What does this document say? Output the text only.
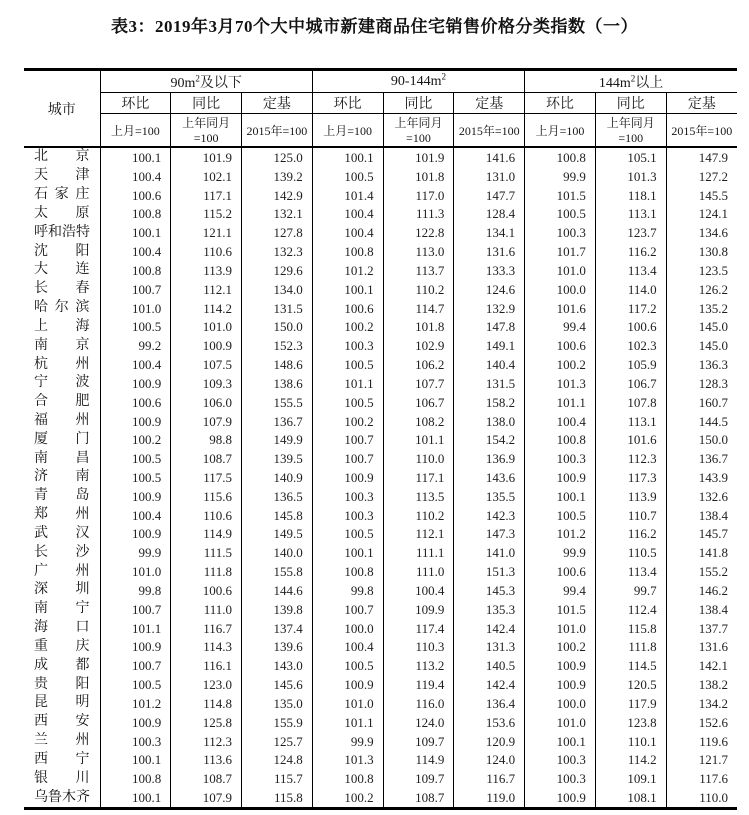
表3：2019年3月70个大中城市新建商品住宅销售价格分类指数（一）
城市	$90m^2$及以下			$90-144m^2$			$144m^2$以上		
	环比	同比	定基	环比	同比	定基	环比	同比	定基
	上月=100	上年同月=100	2015年=100	上月=100	上年同月=100	2015年=100	上月=100	上年同月=100	2015年=100

北京	100.1	101.9	125.0	100.1	101.9	141.6	100.8	105.1	147.9

天津	100.4	102.1	139.2	100.5	101.8	131.0	99.9	101.3	127.2

石家庄	100.6	117.1	142.9	101.4	117.0	147.7	101.5	118.1	145.5

太原	100.8	115.2	132.1	100.4	111.3	128.4	100.5	113.1	124.1

呼和浩特	100.1	121.1	127.8	100.4	122.8	134.1	100.3	123.7	134.6

沈阳	100.4	110.6	132.3	100.8	113.0	131.6	101.7	116.2	130.8

大连	100.8	113.9	129.6	101.2	113.7	133.3	101.0	113.4	123.5

长春	100.7	112.1	134.0	100.1	110.2	124.6	100.0	114.0	126.2

哈尔滨	101.0	114.2	131.5	100.6	114.7	132.9	101.6	117.2	135.2

上海	100.5	101.0	150.0	100.2	101.8	147.8	99.4	100.6	145.0

南京	99.2	100.9	152.3	100.3	102.9	149.1	100.6	102.3	145.0

杭州	100.4	107.5	148.6	100.5	106.2	140.4	100.2	105.9	136.3

宁波	100.9	109.3	138.6	101.1	107.7	131.5	101.3	106.7	128.3

合肥	100.6	106.0	155.5	100.5	106.7	158.2	101.1	107.8	160.7

福州	100.9	107.9	136.7	100.2	108.2	138.0	100.4	113.1	144.5

厦门	100.2	98.8	149.9	100.7	101.1	154.2	100.8	101.6	150.0

南昌	100.5	108.7	139.5	100.7	110.0	136.9	100.3	112.3	136.7

济南	100.5	117.5	140.9	100.9	117.1	143.6	100.9	117.3	143.9

青岛	100.9	115.6	136.5	100.3	113.5	135.5	100.1	113.9	132.6

郑州	100.4	110.6	145.8	100.3	110.2	142.3	100.5	110.7	138.4

武汉	100.9	114.9	149.5	100.5	112.1	147.3	101.2	116.2	145.7

长沙	99.9	111.5	140.0	100.1	111.1	141.0	99.9	110.5	141.8

广州	101.0	111.8	155.8	100.8	111.0	151.3	100.6	113.4	155.2

深圳	99.8	100.6	144.6	99.8	100.4	145.3	99.4	99.7	146.2

南宁	100.7	111.0	139.8	100.7	109.9	135.3	101.5	112.4	138.4

海口	101.1	116.7	137.4	100.0	117.4	142.4	101.0	115.8	137.7

重庆	100.9	114.3	139.6	100.4	110.3	131.3	100.2	111.8	131.6

成都	100.7	116.1	143.0	100.5	113.2	140.5	100.9	114.5	142.1

贵阳	100.5	123.0	145.6	100.9	119.4	142.4	100.9	120.5	138.2

昆明	101.2	114.8	135.0	101.0	116.0	136.4	100.0	117.9	134.2

西安	100.9	125.8	155.9	101.1	124.0	153.6	101.0	123.8	152.6

兰州	100.3	112.3	125.7	99.9	109.7	120.9	100.1	110.1	119.6

西宁	100.1	113.6	124.8	101.3	114.9	124.0	100.3	114.2	121.7

银川	100.8	108.7	115.7	100.8	109.7	116.7	100.3	109.1	117.6

乌鲁木齐	100.1	107.9	115.8	100.2	108.7	119.0	100.9	108.1	110.0
